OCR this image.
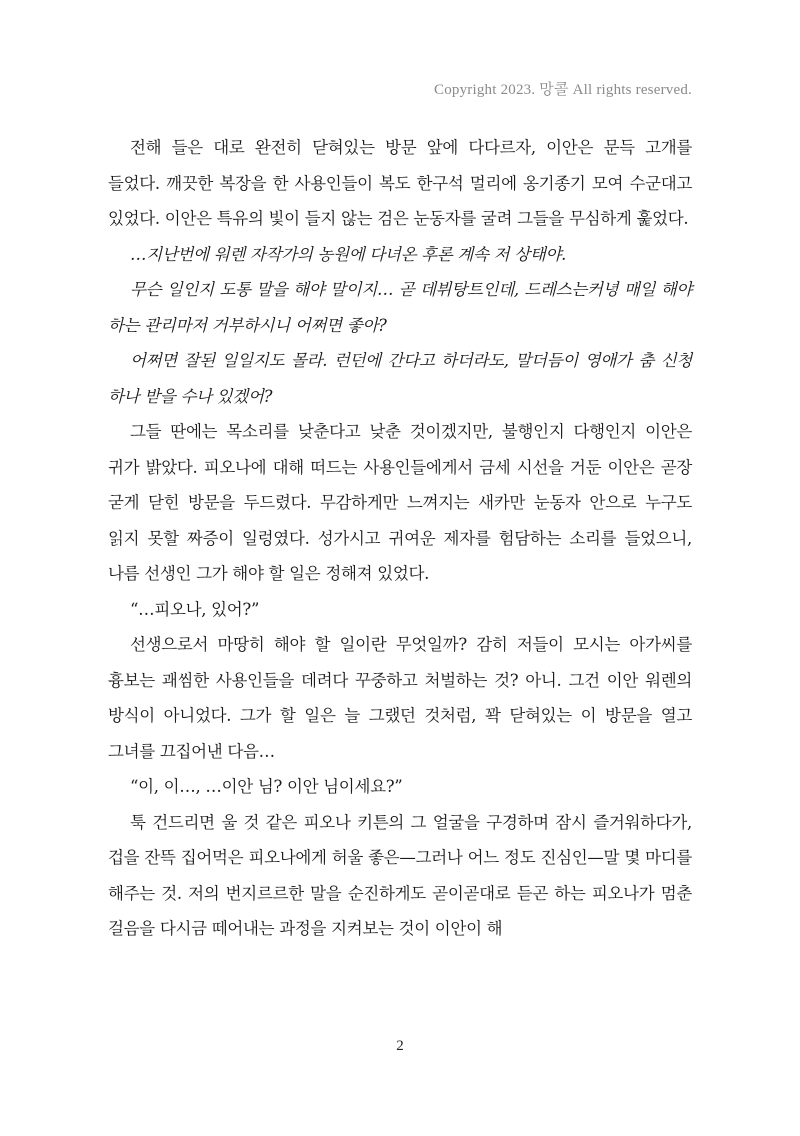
Copyright 2023. 망콜 All rights reserved.

전해 들은 대로 완전히 닫혀있는 방문 앞에 다다르자, 이안은 문득 고개를 들었다. 깨끗한 복장을 한 사용인들이 복도 한구석 멀리에 옹기종기 모여 수군대고 있었다. 이안은 특유의 빛이 들지 않는 검은 눈동자를 굴려 그들을 무심하게 훑었다.

…지난번에 워렌 자작가의 농원에 다녀온 후론 계속 저 상태야.

무슨 일인지 도통 말을 해야 말이지… 곧 데뷔탕트인데, 드레스는커녕 매일 해야 하는 관리마저 거부하시니 어쩌면 좋아?

어쩌면 잘된 일일지도 몰라. 런던에 간다고 하더라도, 말더듬이 영애가 춤 신청 하나 받을 수나 있겠어?

그들 딴에는 목소리를 낮춘다고 낮춘 것이겠지만, 불행인지 다행인지 이안은 귀가 밝았다. 피오나에 대해 떠드는 사용인들에게서 금세 시선을 거둔 이안은 곧장 굳게 닫힌 방문을 두드렸다. 무감하게만 느껴지는 새카만 눈동자 안으로 누구도 읽지 못할 짜증이 일렁였다. 성가시고 귀여운 제자를 험담하는 소리를 들었으니, 나름 선생인 그가 해야 할 일은 정해져 있었다.

“…피오나, 있어?”

선생으로서 마땅히 해야 할 일이란 무엇일까? 감히 저들이 모시는 아가씨를 흉보는 괘씸한 사용인들을 데려다 꾸중하고 처벌하는 것? 아니. 그건 이안 워렌의 방식이 아니었다. 그가 할 일은 늘 그랬던 것처럼, 꽉 닫혀있는 이 방문을 열고 그녀를 끄집어낸 다음…

“이, 이…, …이안 님? 이안 님이세요?”

툭 건드리면 울 것 같은 피오나 키튼의 그 얼굴을 구경하며 잠시 즐거워하다가, 겁을 잔뜩 집어먹은 피오나에게 허울 좋은—그러나 어느 정도 진심인—말 몇 마디를 해주는 것. 저의 번지르르한 말을 순진하게도 곧이곧대로 듣곤 하는 피오나가 멈춘 걸음을 다시금 떼어내는 과정을 지켜보는 것이 이안이 해

2
